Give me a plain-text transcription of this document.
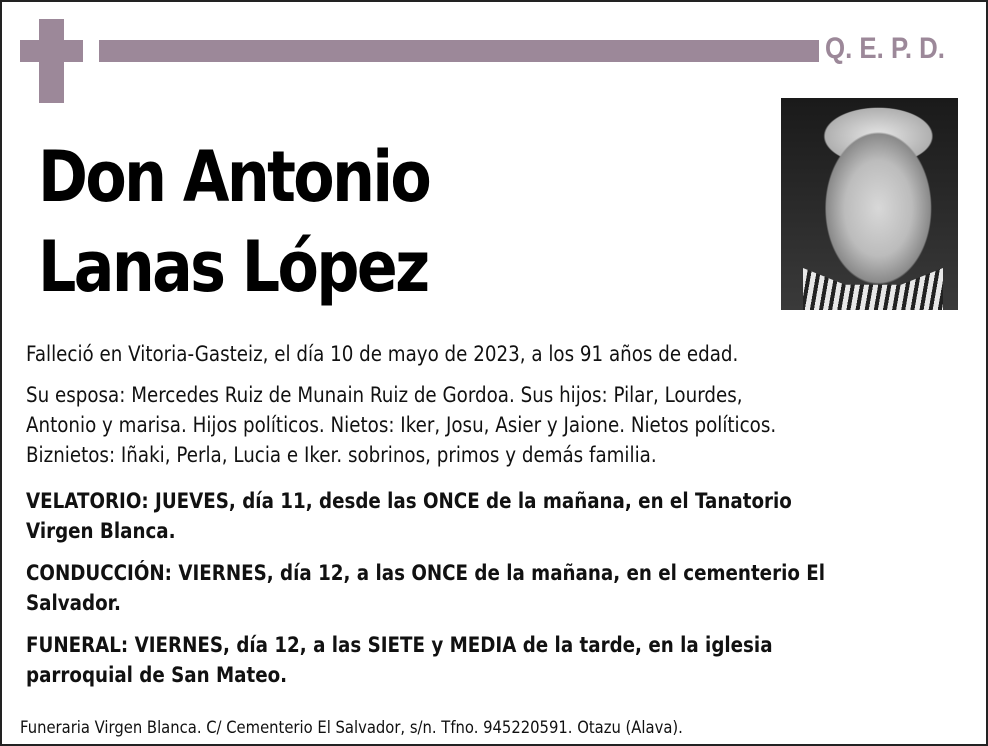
Q. E. P. D.
Don Antonio
Lanas López
Falleció en Vitoria-Gasteiz, el día 10 de mayo de 2023, a los 91 años de edad.
Su esposa: Mercedes Ruiz de Munain Ruiz de Gordoa. Sus hijos: Pilar, Lourdes,
Antonio y marisa. Hijos políticos. Nietos: Iker, Josu, Asier y Jaione. Nietos políticos.
Biznietos: Iñaki, Perla, Lucia e Iker. sobrinos, primos y demás familia.
VELATORIO: JUEVES, día 11, desde las ONCE de la mañana, en el Tanatorio
Virgen Blanca.
CONDUCCIÓN: VIERNES, día 12, a las ONCE de la mañana, en el cementerio El
Salvador.
FUNERAL: VIERNES, día 12, a las SIETE y MEDIA de la tarde, en la iglesia
parroquial de San Mateo.
Funeraria Virgen Blanca. C/ Cementerio El Salvador, s/n. Tfno. 945220591. Otazu (Alava).
